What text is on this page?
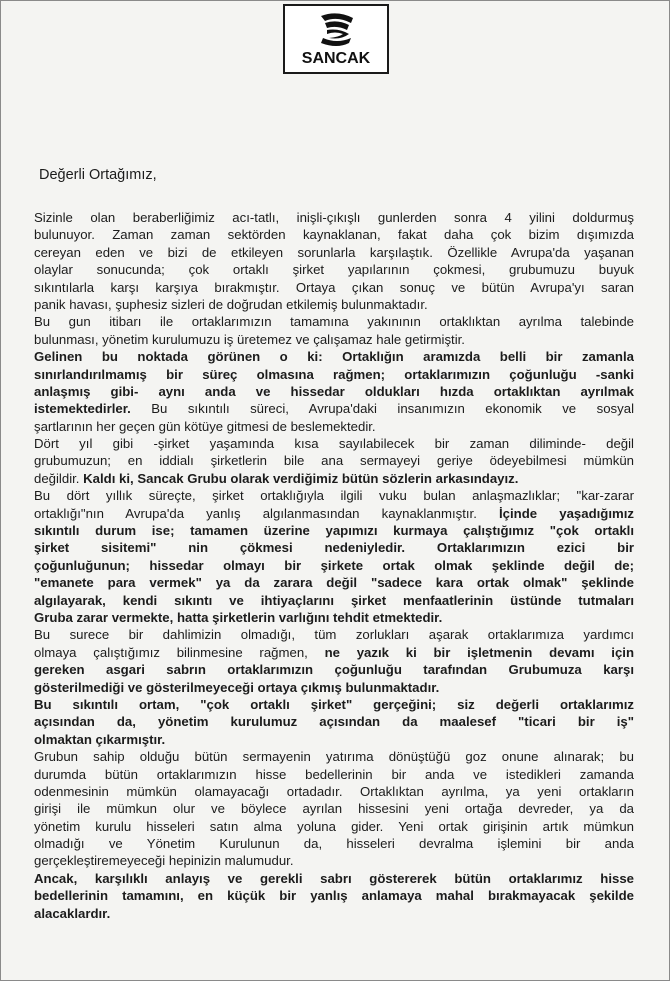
SANCAK
Değerli Ortağımız,
Sizinle olan beraberliğimiz acı-tatlı, inişli-çıkışlı gunlerden sonra 4 yilini doldurmuş
bulunuyor. Zaman zaman sektörden kaynaklanan, fakat daha çok bizim dışımızda
cereyan eden ve bizi de etkileyen sorunlarla karşılaştık. Özellikle Avrupa'da yaşanan
olaylar sonucunda; çok ortaklı şirket yapılarının çokmesi, grubumuzu buyuk
sıkıntılarla karşı karşıya bırakmıştır. Ortaya çıkan sonuç ve bütün Avrupa'yı saran
panik havası, şuphesiz sizleri de doğrudan etkilemiş bulunmaktadır.
Bu gun itibarı ile ortaklarımızın tamamına yakınının ortaklıktan ayrılma talebinde
bulunması, yönetim kurulumuzu iş üretemez ve çalışamaz hale getirmiştir.
Gelinen bu noktada görünen o ki: Ortaklığın aramızda belli bir zamanla
sınırlandırılmamış bir süreç olmasına rağmen; ortaklarımızın çoğunluğu -sanki
anlaşmış gibi- aynı anda ve hissedar oldukları hızda ortaklıktan ayrılmak
istemektedirler. Bu sıkıntılı süreci, Avrupa'daki insanımızın ekonomik ve sosyal
şartlarının her geçen gün kötüye gitmesi de beslemektedir.
Dört yıl gibi -şirket yaşamında kısa sayılabilecek bir zaman diliminde- değil
grubumuzun; en iddialı şirketlerin bile ana sermayeyi geriye ödeyebilmesi mümkün
değildir. Kaldı ki, Sancak Grubu olarak verdiğimiz bütün sözlerin arkasındayız.
Bu dört yıllık süreçte, şirket ortaklığıyla ilgili vuku bulan anlaşmazlıklar; "kar-zarar
ortaklığı"nın Avrupa'da yanlış algılanmasından kaynaklanmıştır. İçinde yaşadığımız
sıkıntılı durum ise; tamamen üzerine yapımızı kurmaya çalıştığımız "çok ortaklı
şirket sisitemi" nin çökmesi nedeniyledir. Ortaklarımızın ezici bir
çoğunluğunun; hissedar olmayı bir şirkete ortak olmak şeklinde değil de;
"emanete para vermek" ya da zarara değil "sadece kara ortak olmak" şeklinde
algılayarak, kendi sıkıntı ve ihtiyaçlarını şirket menfaatlerinin üstünde tutmaları
Gruba zarar vermekte, hatta şirketlerin varlığını tehdit etmektedir.
Bu surece bir dahlimizin olmadığı, tüm zorlukları aşarak ortaklarımıza yardımcı
olmaya çalıştığımız bilinmesine rağmen, ne yazık ki bir işletmenin devamı için
gereken asgari sabrın ortaklarımızın çoğunluğu tarafından Grubumuza karşı
gösterilmediği ve gösterilmeyeceği ortaya çıkmış bulunmaktadır.
Bu sıkıntılı ortam, "çok ortaklı şirket" gerçeğini; siz değerli ortaklarımız
açısından da, yönetim kurulumuz açısından da maalesef "ticari bir iş"
olmaktan çıkarmıştır.
Grubun sahip olduğu bütün sermayenin yatırıma dönüştüğü goz onune alınarak; bu
durumda bütün ortaklarımızın hisse bedellerinin bir anda ve istedikleri zamanda
odenmesinin mümkün olamayacağı ortadadır. Ortaklıktan ayrılma, ya yeni ortakların
girişi ile mümkun olur ve böylece ayrılan hissesini yeni ortağa devreder, ya da
yönetim kurulu hisseleri satın alma yoluna gider. Yeni ortak girişinin artık mümkun
olmadığı ve Yönetim Kurulunun da, hisseleri devralma işlemini bir anda
gerçekleştiremeyeceği hepinizin malumudur.
Ancak, karşılıklı anlayış ve gerekli sabrı göstererek bütün ortaklarımız hisse
bedellerinin tamamını, en küçük bir yanlış anlamaya mahal bırakmayacak şekilde
alacaklardır.
